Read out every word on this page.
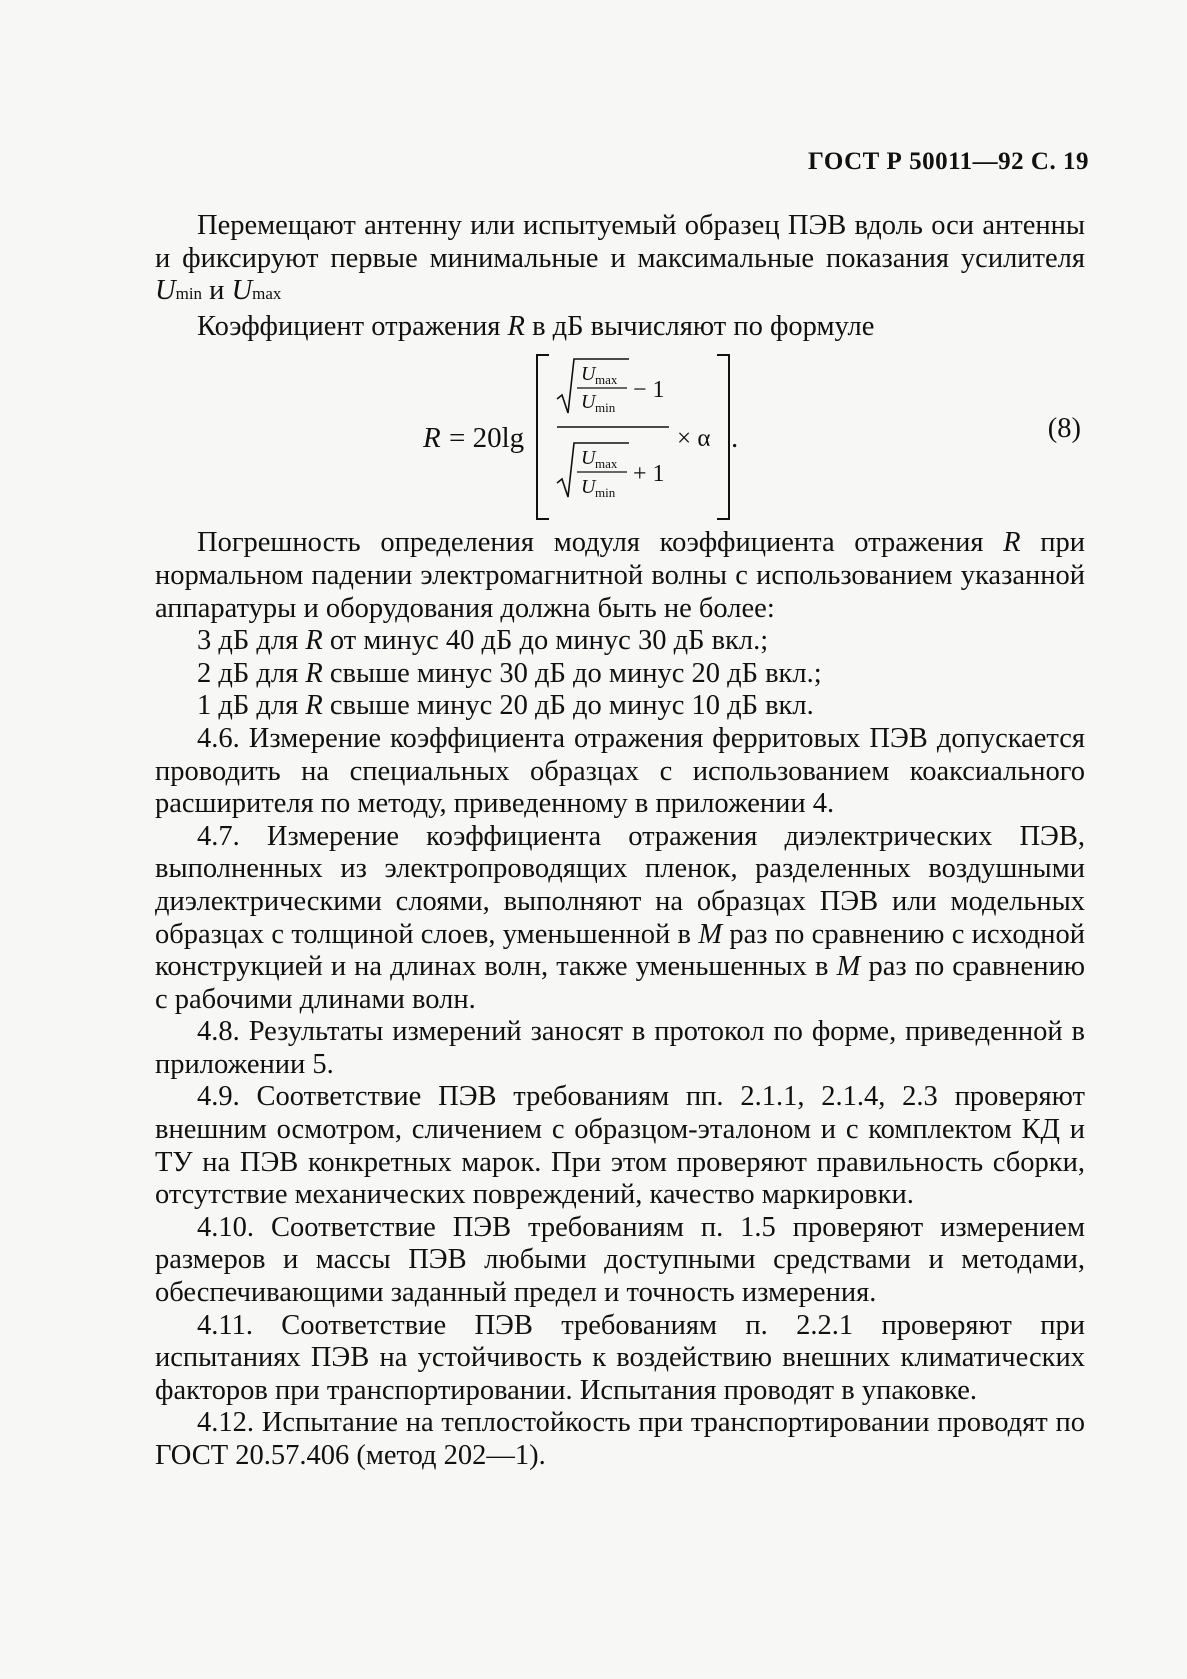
ГОСТ Р 50011—92 С. 19

Перемещают антенну или испытуемый образец ПЭВ вдоль оси антенны и фиксируют первые минимальные и максимальные показания усилителя Umin и Umax

Коэффициент отражения R в дБ вычисляют по формуле

R = 20lg
U max
U min
− 1
U max
U min
+ 1
× α .	(8)

Погрешность определения модуля коэффициента отражения R при нормальном падении электромагнитной волны с использованием указанной аппаратуры и оборудования должна быть не более:

3 дБ для R от минус 40 дБ до минус 30 дБ вкл.;

2 дБ для R свыше минус 30 дБ до минус 20 дБ вкл.;

1 дБ для R свыше минус 20 дБ до минус 10 дБ вкл.

4.6. Измерение коэффициента отражения ферритовых ПЭВ допускается проводить на специальных образцах с использованием коаксиального расширителя по методу, приведенному в приложении 4.

4.7. Измерение коэффициента отражения диэлектрических ПЭВ, выполненных из электропроводящих пленок, разделенных воздушными диэлектрическими слоями, выполняют на образцах ПЭВ или модельных образцах с толщиной слоев, уменьшенной в M раз по сравнению с исходной конструкцией и на длинах волн, также уменьшенных в M раз по сравнению с рабочими длинами волн.

4.8. Результаты измерений заносят в протокол по форме, приведенной в приложении 5.

4.9. Соответствие ПЭВ требованиям пп. 2.1.1, 2.1.4, 2.3 проверяют внешним осмотром, сличением с образцом-эталоном и с комплектом КД и ТУ на ПЭВ конкретных марок. При этом проверяют правильность сборки, отсутствие механических повреждений, качество маркировки.

4.10. Соответствие ПЭВ требованиям п. 1.5 проверяют измерением размеров и массы ПЭВ любыми доступными средствами и методами, обеспечивающими заданный предел и точность измерения.

4.11. Соответствие ПЭВ требованиям п. 2.2.1 проверяют при испытаниях ПЭВ на устойчивость к воздействию внешних климатических факторов при транспортировании. Испытания проводят в упаковке.

4.12. Испытание на теплостойкость при транспортировании проводят по ГОСТ 20.57.406 (метод 202—1).
